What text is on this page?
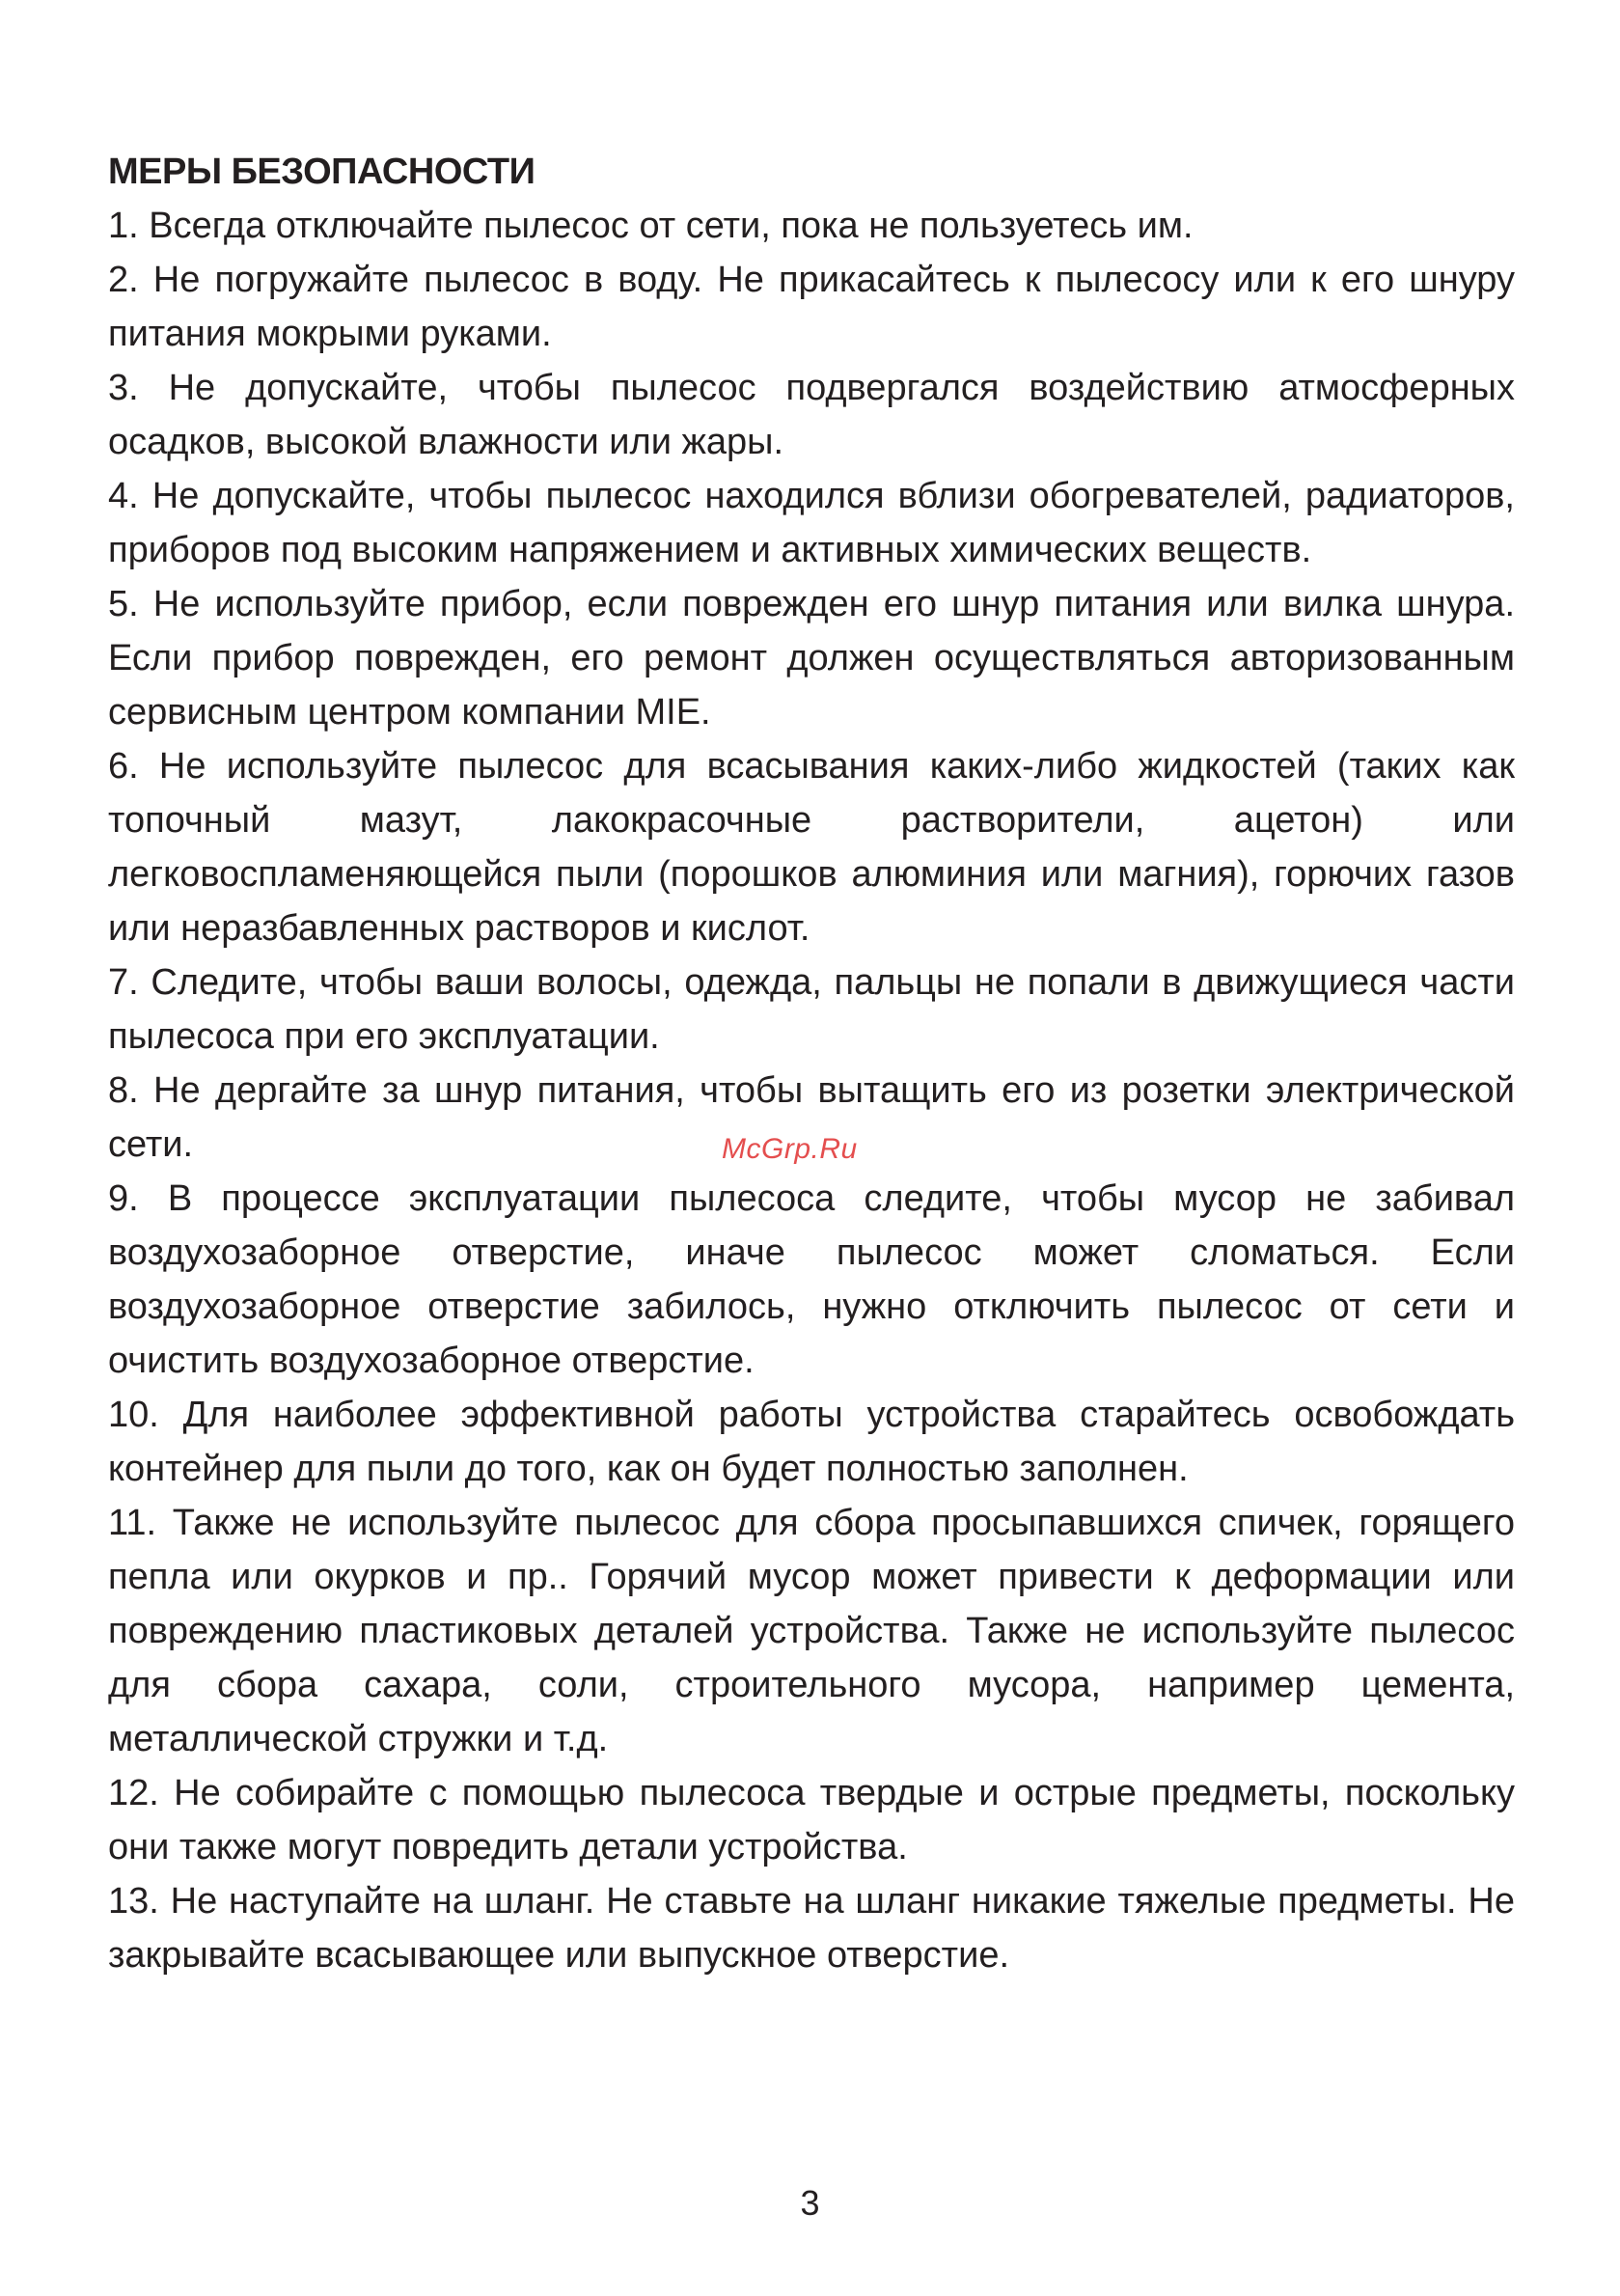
МЕРЫ БЕЗОПАСНОСТИ

1. Всегда отключайте пылесос от сети, пока не пользуетесь им.

2. Не погружайте пылесос в воду. Не прикасайтесь к пылесосу или к его шнуру питания мокрыми руками.

3. Не допускайте, чтобы пылесос подвергался воздействию атмосферных осадков, высокой влажности или жары.

4. Не допускайте, чтобы пылесос находился вблизи обогревателей, радиаторов, приборов под высоким напряжением и активных химических веществ.

5. Не используйте прибор, если поврежден его шнур питания или вилка шнура. Если прибор поврежден, его ремонт должен осуществляться авторизованным сервисным центром компании MIE.

6. Не используйте пылесос для всасывания каких-либо жидкостей (таких как топочный мазут, лакокрасочные растворители, ацетон) или легковоспламеняющейся пыли (порошков алюминия или магния), горючих газов или неразбавленных растворов и кислот.

7. Следите, чтобы ваши волосы, одежда, пальцы не попали в движущиеся части пылесоса при его эксплуатации.

8. Не дергайте за шнур питания, чтобы вытащить его из розетки электрической сети.

9. В процессе эксплуатации пылесоса следите, чтобы мусор не забивал воздухозаборное отверстие, иначе пылесос может сломаться. Если воздухозаборное отверстие забилось, нужно отключить пылесос от сети и очистить воздухозаборное отверстие.

10. Для наиболее эффективной работы устройства старайтесь освобождать контейнер для пыли до того, как он будет полностью заполнен.

11. Также не используйте пылесос для сбора просыпавшихся спичек, горящего пепла или окурков и пр.. Горячий мусор может привести к деформации или повреждению пластиковых деталей устройства. Также не используйте пылесос для сбора сахара, соли, строительного мусора, например цемента, металлической стружки и т.д.

12. Не собирайте с помощью пылесоса твердые и острые предметы, поскольку они также могут повредить детали устройства.

13. Не наступайте на шланг. Не ставьте на шланг никакие тяжелые предметы. Не закрывайте всасывающее или выпускное отверстие.

McGrp.Ru
3
